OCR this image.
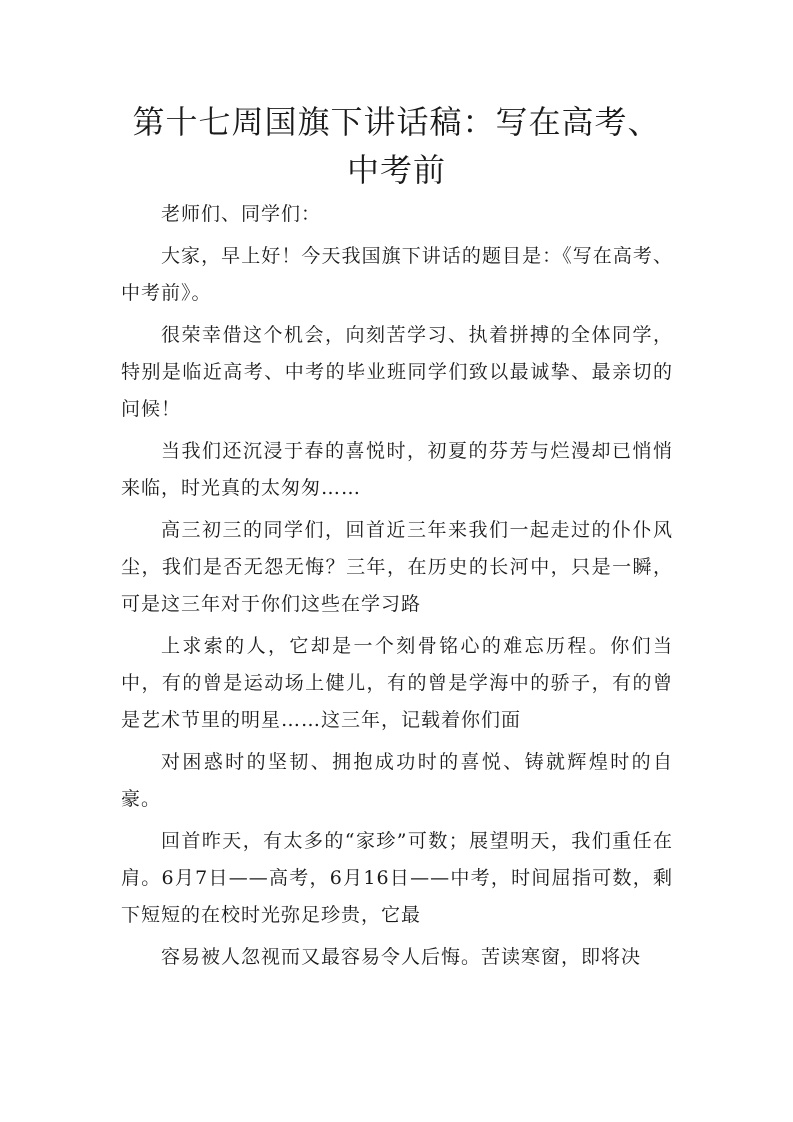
第十七周国旗下讲话稿：写在高考、中考前

老师们、同学们：

大家，早上好！今天我国旗下讲话的题目是：《写在高考、中考前》。

很荣幸借这个机会，向刻苦学习、执着拼搏的全体同学，特别是临近高考、中考的毕业班同学们致以最诚挚、最亲切的问候！

当我们还沉浸于春的喜悦时，初夏的芬芳与烂漫却已悄悄来临，时光真的太匆匆……

高三初三的同学们，回首近三年来我们一起走过的仆仆风尘，我们是否无怨无悔？三年，在历史的长河中，只是一瞬，可是这三年对于你们这些在学习路

上求索的人，它却是一个刻骨铭心的难忘历程。你们当中，有的曾是运动场上健儿，有的曾是学海中的骄子，有的曾是艺术节里的明星……这三年，记载着你们面

对困惑时的坚韧、拥抱成功时的喜悦、铸就辉煌时的自豪。

回首昨天，有太多的“家珍”可数；展望明天，我们重任在肩。6月7日——高考，6月16日——中考，时间屈指可数，剩下短短的在校时光弥足珍贵，它最

容易被人忽视而又最容易令人后悔。苦读寒窗，即将决
